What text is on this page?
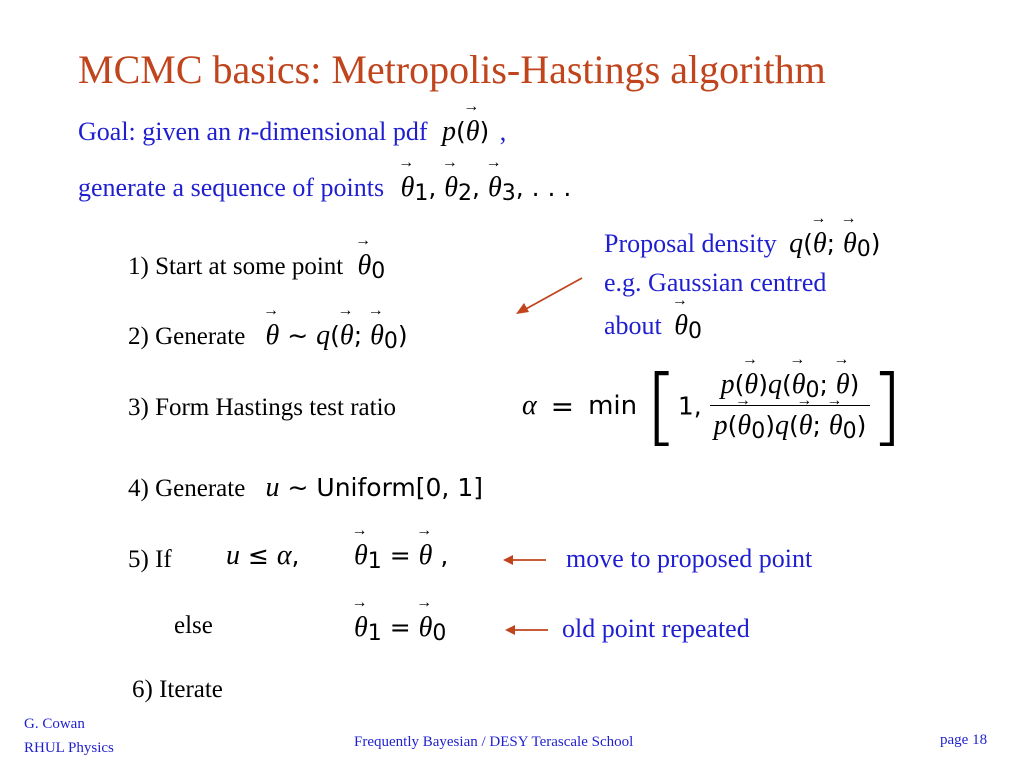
MCMC basics: Metropolis-Hastings algorithm
Goal: given an n-dimensional pdf p(→ θ) ,
generate a sequence of points → $\theta_1$, → $\theta_2$, → $\theta_3$, . . .
Proposal density q(→ θ; → $\theta_0$)
e.g. Gaussian centred
about → $\theta_0$
1) Start at some point → $\theta_0$
2) Generate → θ ∼ q(→ θ; → $\theta_0$)
3) Form Hastings test ratio	α = min [1, $\frac{p(\to \theta)q(\to \theta_0; \to \theta)}{p(\to \theta_0)q(\to \theta; \to \theta_0)}$ ]
4) Generate u ∼ Uniform[0, 1]
5) If u ≤ α, → $\theta_1$ = → θ ,	move to proposed point
else	→ $\theta_1$ = → $\theta_0$	old point repeated
6) Iterate
G. Cowan
RHUL Physics	Frequently Bayesian / DESY Terascale School	page 18
